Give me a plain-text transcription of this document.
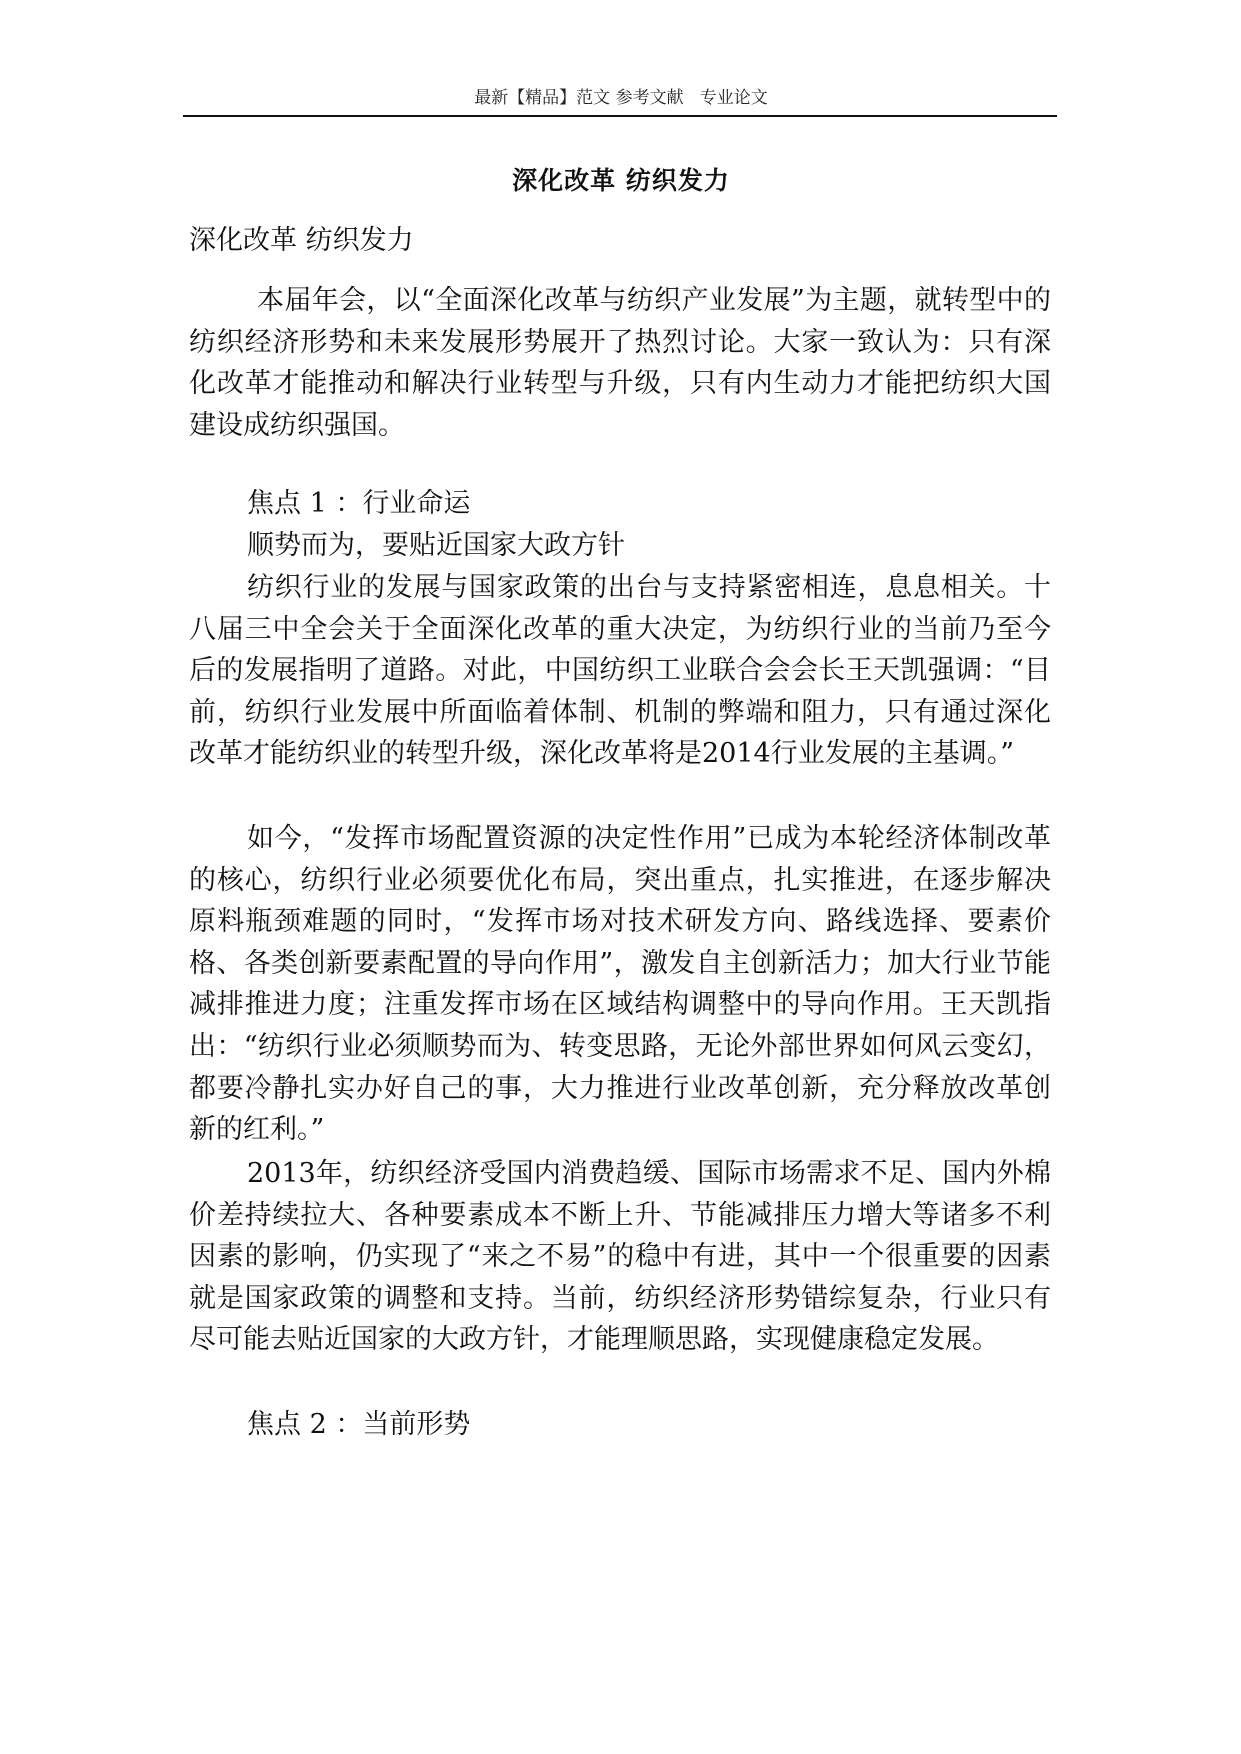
最新【精品】范文 参考文献   专业论文
深化改革 纺织发力
深化改革 纺织发力

本届年会，以“全面深化改革与纺织产业发展”为主题，就转型中的纺织经济形势和未来发展形势展开了热烈讨论。大家一致认为：只有深化改革才能推动和解决行业转型与升级，只有内生动力才能把纺织大国建设成纺织强国。

焦点 1 ：行业命运
顺势而为，要贴近国家大政方针

纺织行业的发展与国家政策的出台与支持紧密相连，息息相关。十八届三中全会关于全面深化改革的重大决定，为纺织行业的当前乃至今后的发展指明了道路。对此，中国纺织工业联合会会长王天凯强调：“目前，纺织行业发展中所面临着体制、机制的弊端和阻力，只有通过深化改革才能纺织业的转型升级，深化改革将是2014行业发展的主基调。”

如今，“发挥市场配置资源的决定性作用”已成为本轮经济体制改革的核心，纺织行业必须要优化布局，突出重点，扎实推进，在逐步解决原料瓶颈难题的同时，“发挥市场对技术研发方向、路线选择、要素价格、各类创新要素配置的导向作用”，激发自主创新活力；加大行业节能减排推进力度；注重发挥市场在区域结构调整中的导向作用。王天凯指出：“纺织行业必须顺势而为、转变思路，无论外部世界如何风云变幻，都要冷静扎实办好自己的事，大力推进行业改革创新，充分释放改革创新的红利。”

2013年，纺织经济受国内消费趋缓、国际市场需求不足、国内外棉价差持续拉大、各种要素成本不断上升、节能减排压力增大等诸多不利因素的影响，仍实现了“来之不易”的稳中有进，其中一个很重要的因素就是国家政策的调整和支持。当前，纺织经济形势错综复杂，行业只有尽可能去贴近国家的大政方针，才能理顺思路，实现健康稳定发展。

焦点 2 ：当前形势
